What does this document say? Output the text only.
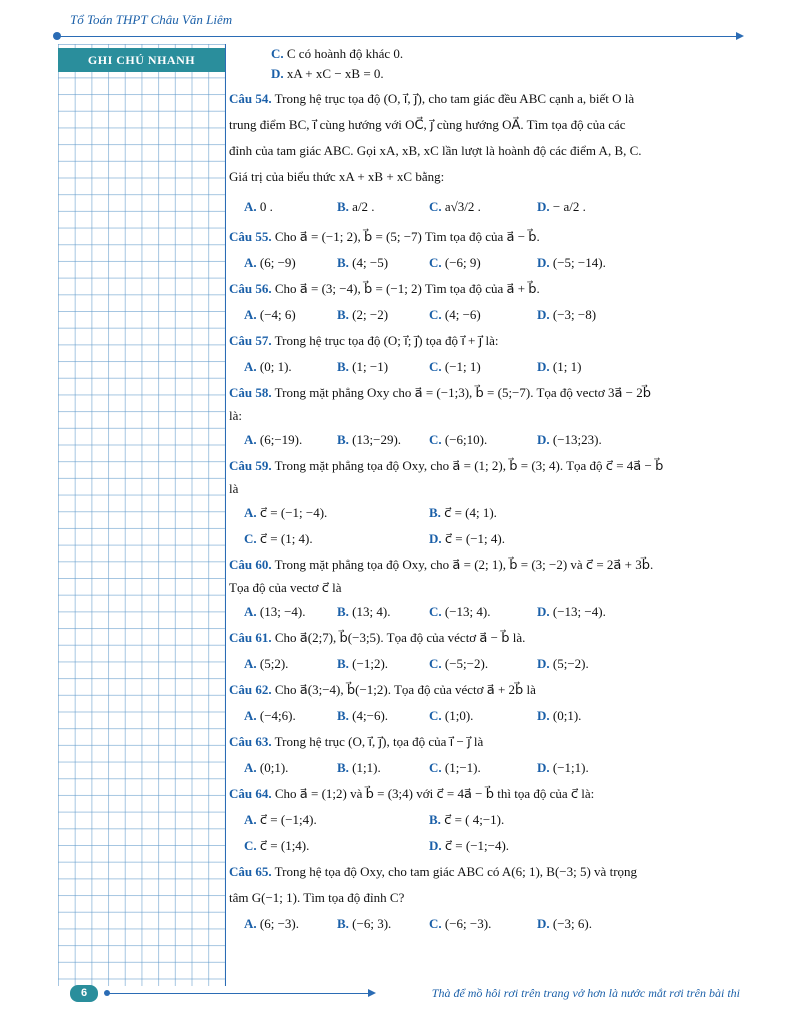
Tổ Toán THPT Châu Văn Liêm
GHI CHÚ NHANH	C. C có hoành độ khác 0.
D. xA + xC − xB = 0.
Câu 54. Trong hệ trục tọa độ (O, i⃗, j⃗), cho tam giác đều ABC cạnh a, biết O là
trung điểm BC, i⃗ cùng hướng với OC⃗, j⃗ cùng hướng OA⃗. Tìm tọa độ của các
đỉnh của tam giác ABC. Gọi xA, xB, xC lần lượt là hoành độ các điểm A, B, C.
Giá trị của biểu thức xA + xB + xC bằng:
A. 0 .	B. a/2 .	C. a√3/2 .	D. − a/2 .
Câu 55. Cho a⃗ = (−1; 2), b⃗ = (5; −7) Tìm tọa độ của a⃗ − b⃗.
A. (6; −9)	B. (4; −5)	C. (−6; 9)	D. (−5; −14).
Câu 56. Cho a⃗ = (3; −4), b⃗ = (−1; 2) Tìm tọa độ của a⃗ + b⃗.
A. (−4; 6)	B. (2; −2)	C. (4; −6)	D. (−3; −8)
Câu 57. Trong hệ trục tọa độ (O; i⃗; j⃗) tọa độ i⃗ + j⃗ là:
A. (0; 1).	B. (1; −1)	C. (−1; 1)	D. (1; 1)
Câu 58. Trong mặt phẳng Oxy cho a⃗ = (−1;3), b⃗ = (5;−7). Tọa độ vectơ 3a⃗ − 2b⃗
là:
A. (6;−19).	B. (13;−29). C. (−6;10).	D. (−13;23).
Câu 59. Trong mặt phẳng tọa độ Oxy, cho a⃗ = (1; 2), b⃗ = (3; 4). Tọa độ c⃗ = 4a⃗ − b⃗
là
A. c⃗ = (−1; −4).	B. c⃗ = (4; 1).
C. c⃗ = (1; 4).	D. c⃗ = (−1; 4).
Câu 60. Trong mặt phẳng tọa độ Oxy, cho a⃗ = (2; 1), b⃗ = (3; −2) và c⃗ = 2a⃗ + 3b⃗.
Tọa độ của vectơ c⃗ là
A. (13; −4). B. (13; 4).	C. (−13; 4).	D. (−13; −4).
Câu 61. Cho a⃗(2;7), b⃗(−3;5). Tọa độ của véctơ a⃗ − b⃗ là.
A. (5;2).	B. (−1;2).	C. (−5;−2).	D. (5;−2).
Câu 62. Cho a⃗(3;−4), b⃗(−1;2). Tọa độ của véctơ a⃗ + 2b⃗ là
A. (−4;6).	B. (4;−6).	C. (1;0).	D. (0;1).
Câu 63. Trong hệ trục (O, i⃗, j⃗), tọa độ của i⃗ − j⃗ là
A. (0;1).	B. (1;1).	C. (1;−1).	D. (−1;1).
Câu 64. Cho a⃗ = (1;2) và b⃗ = (3;4) với c⃗ = 4a⃗ − b⃗ thì tọa độ của c⃗ là:
A. c⃗ = (−1;4).	B. c⃗ = ( 4;−1).
C. c⃗ = (1;4).	D. c⃗ = (−1;−4).
Câu 65. Trong hệ tọa độ Oxy, cho tam giác ABC có A(6; 1), B(−3; 5) và trọng
tâm G(−1; 1). Tìm tọa độ đỉnh C?
A. (6; −3).	B. (−6; 3).	C. (−6; −3).	D. (−3; 6).
6	Thà để mồ hôi rơi trên trang vở hơn là nước mắt rơi trên bài thi
